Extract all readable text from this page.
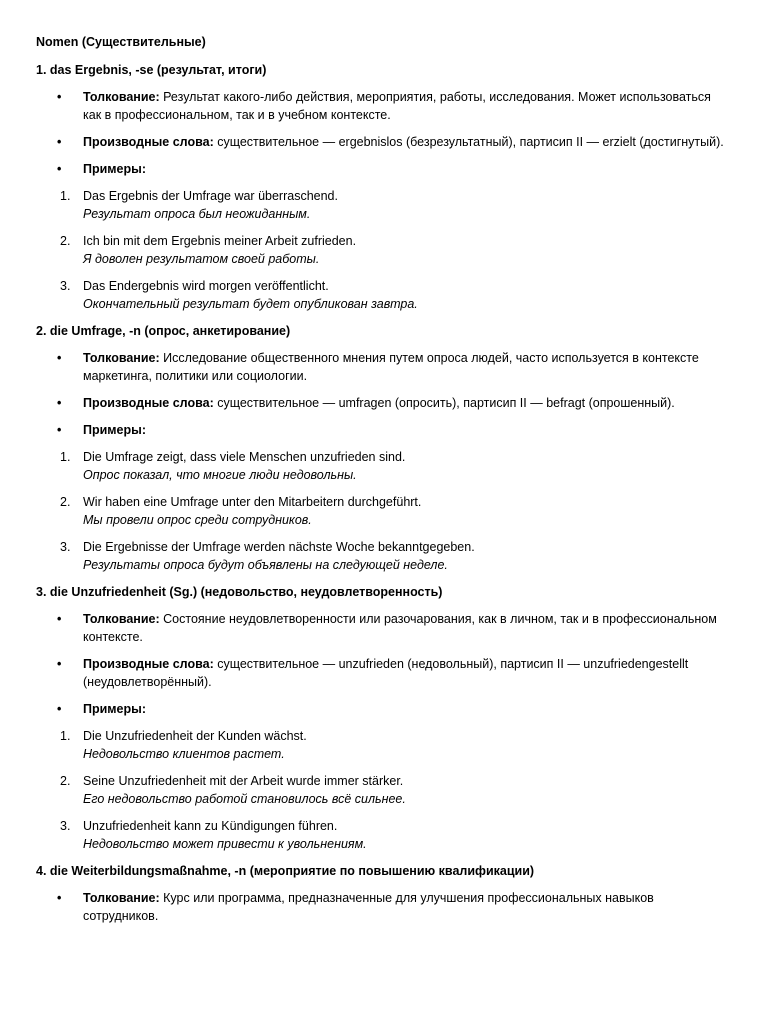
Nomen (Существительные)

1. das Ergebnis, -se (результат, итоги)

• Толкование: Результат какого-либо действия, мероприятия, работы, исследования. Может использоваться как в профессиональном, так и в учебном контексте.
• Производные слова: существительное — ergebnislos (безрезультатный), партиcип II — erzielt (достигнутый).
• Примеры:
1. Das Ergebnis der Umfrage war überraschend.
Результат опроса был неожиданным.
2. Ich bin mit dem Ergebnis meiner Arbeit zufrieden.
Я доволен результатом своей работы.
3. Das Endergebnis wird morgen veröffentlicht.
Окончательный результат будет опубликован завтра.

2. die Umfrage, -n (опрос, анкетирование)

• Толкование: Исследование общественного мнения путем опроса людей, часто используется в контексте маркетинга, политики или социологии.
• Производные слова: существительное — umfragen (опросить), партиcип II — befragt (опрошенный).
• Примеры:
1. Die Umfrage zeigt, dass viele Menschen unzufrieden sind.
Опрос показал, что многие люди недовольны.
2. Wir haben eine Umfrage unter den Mitarbeitern durchgeführt.
Мы провели опрос среди сотрудников.
3. Die Ergebnisse der Umfrage werden nächste Woche bekanntgegeben.
Результаты опроса будут объявлены на следующей неделе.

3. die Unzufriedenheit (Sg.) (недовольство, неудовлетворенность)

• Толкование: Состояние неудовлетворенности или разочарования, как в личном, так и в профессиональном контексте.
• Производные слова: существительное — unzufrieden (недовольный), партиcип II — unzufriedengestellt (неудовлетворённый).
• Примеры:
1. Die Unzufriedenheit der Kunden wächst.
Недовольство клиентов растет.
2. Seine Unzufriedenheit mit der Arbeit wurde immer stärker.
Его недовольство работой становилось всё сильнее.
3. Unzufriedenheit kann zu Kündigungen führen.
Недовольство может привести к увольнениям.

4. die Weiterbildungsmaßnahme, -n (мероприятие по повышению квалификации)

• Толкование: Курс или программа, предназначенные для улучшения профессиональных навыков сотрудников.
